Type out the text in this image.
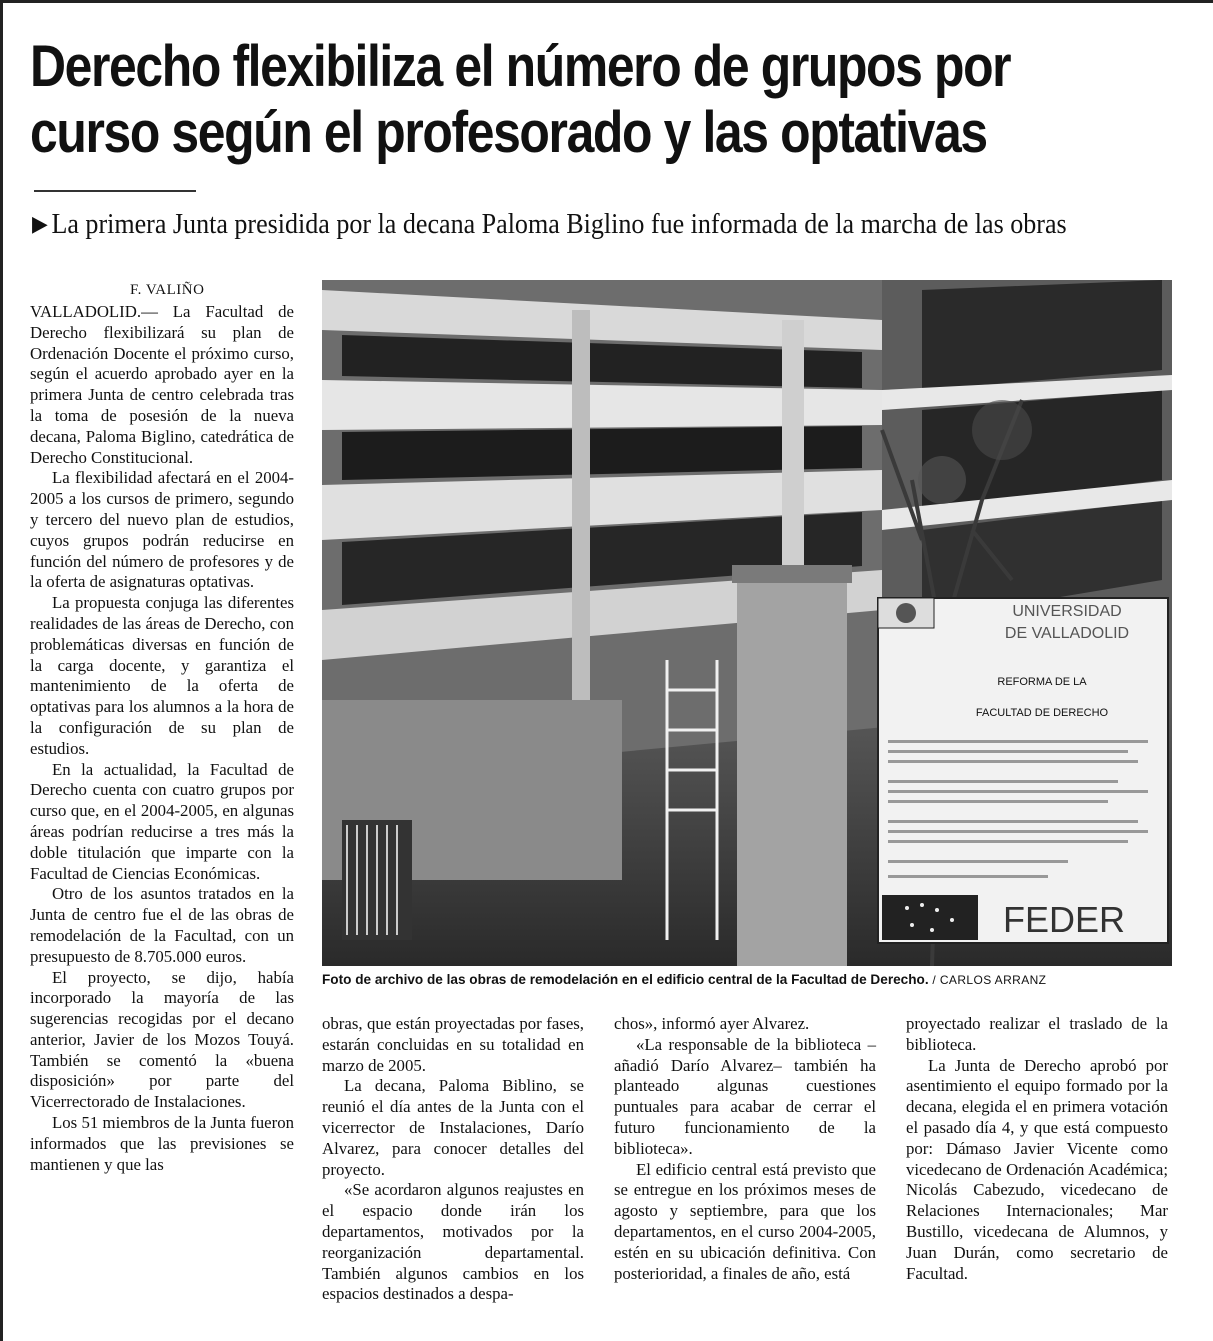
Derecho flexibiliza el número de grupos por
curso según el profesorado y las optativas
▶ La primera Junta presidida por la decana Paloma Biglino fue informada de la marcha de las obras
F. VALIÑO

VALLADOLID.— La Facultad de Derecho flexibilizará su plan de Ordenación Docente el próximo curso, según el acuerdo aprobado ayer en la primera Junta de centro celebrada tras la toma de posesión de la nueva decana, Paloma Biglino, catedrática de Derecho Constitucional.

La flexibilidad afectará en el 2004-2005 a los cursos de primero, segundo y tercero del nuevo plan de estudios, cuyos grupos podrán reducirse en función del número de profesores y de la oferta de asignaturas optativas.

La propuesta conjuga las diferentes realidades de las áreas de Derecho, con problemáticas diversas en función de la carga docente, y garantiza el mantenimiento de la oferta de optativas para los alumnos a la hora de la configuración de su plan de estudios.

En la actualidad, la Facultad de Derecho cuenta con cuatro grupos por curso que, en el 2004-2005, en algunas áreas podrían reducirse a tres más la doble titulación que imparte con la Facultad de Ciencias Económicas.

Otro de los asuntos tratados en la Junta de centro fue el de las obras de remodelación de la Facultad, con un presupuesto de 8.705.000 euros.

El proyecto, se dijo, había incorporado la mayoría de las sugerencias recogidas por el decano anterior, Javier de los Mozos Touyá. También se comentó la «buena disposición» por parte del Vicerrectorado de Instalaciones.

Los 51 miembros de la Junta fueron informados que las previsiones se mantienen y que las

UNIVERSIDAD
DE VALLADOLID
REFORMA DE LA
FACULTAD DE DERECHO
FEDER
Foto de archivo de las obras de remodelación en el edificio central de la Facultad de Derecho. / CARLOS ARRANZ

obras, que están proyectadas por fases, estarán concluidas en su totalidad en marzo de 2005.

La decana, Paloma Biblino, se reunió el día antes de la Junta con el vicerrector de Instalaciones, Darío Alvarez, para conocer detalles del proyecto.

«Se acordaron algunos reajustes en el espacio donde irán los departamentos, motivados por la reorganización departamental. También algunos cambios en los espacios destinados a despa-

chos», informó ayer Alvarez.

«La responsable de la biblioteca –añadió Darío Alvarez– también ha planteado algunas cuestiones puntuales para acabar de cerrar el futuro funcionamiento de la biblioteca».

El edificio central está previsto que se entregue en los próximos meses de agosto y septiembre, para que los departamentos, en el curso 2004-2005, estén en su ubicación definitiva. Con posterioridad, a finales de año, está

proyectado realizar el traslado de la biblioteca.

La Junta de Derecho aprobó por asentimiento el equipo formado por la decana, elegida el en primera votación el pasado día 4, y que está compuesto por: Dámaso Javier Vicente como vicedecano de Ordenación Académica; Nicolás Cabezudo, vicedecano de Relaciones Internacionales; Mar Bustillo, vicedecana de Alumnos, y Juan Durán, como secretario de Facultad.
